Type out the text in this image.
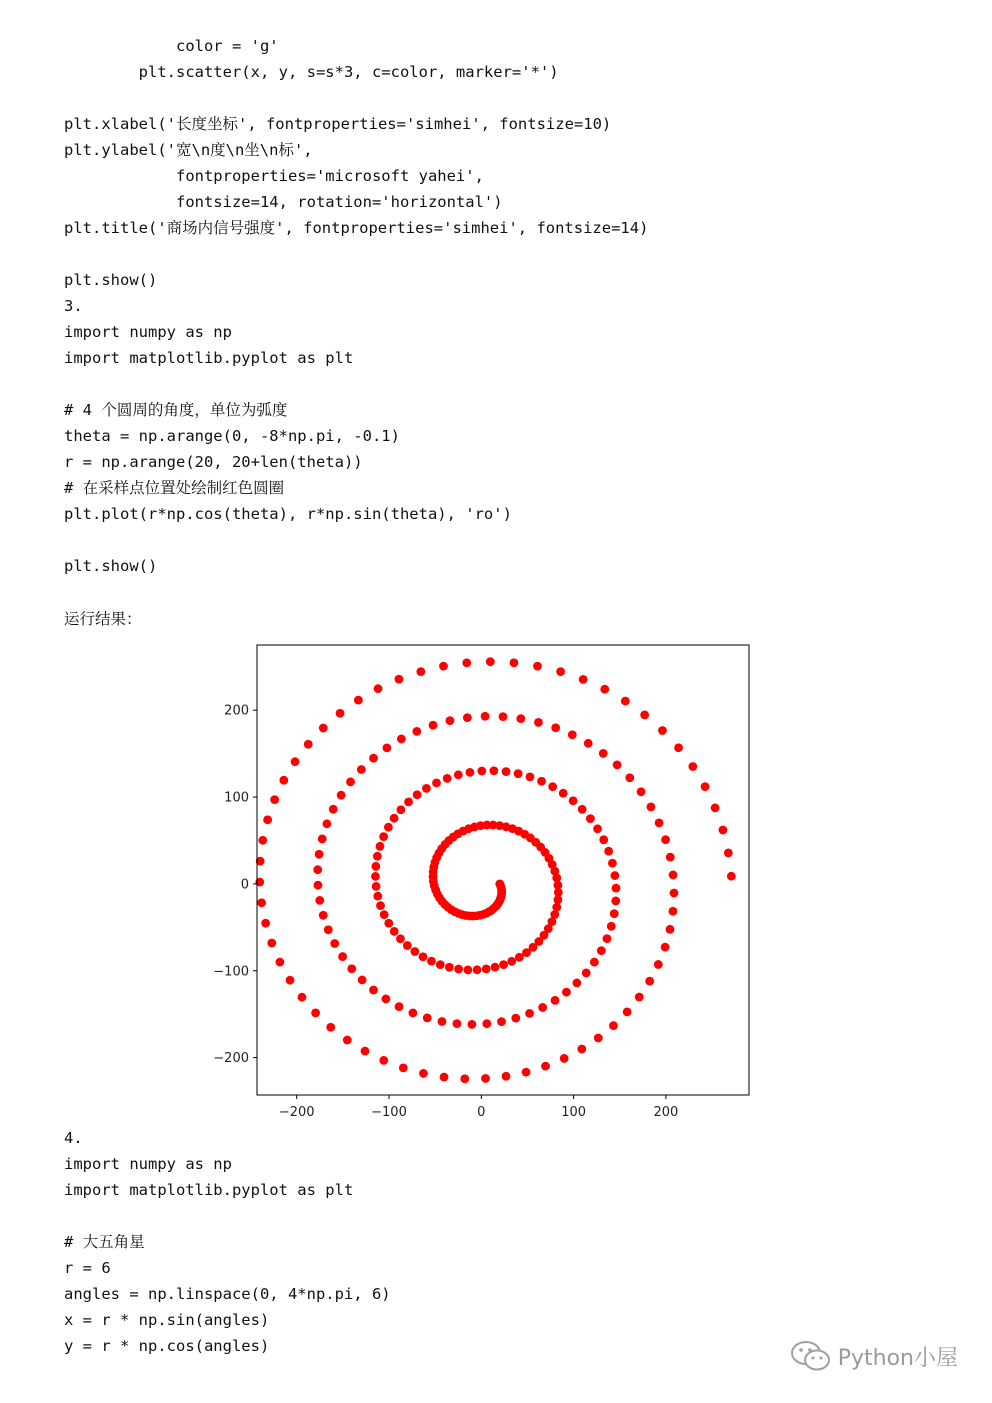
color = 'g'
plt.scatter(x, y, s=s*3, c=color, marker='*')

plt.xlabel('长度坐标', fontproperties='simhei', fontsize=10)
plt.ylabel('宽\n度\n坐\n标',
fontproperties='microsoft yahei',
fontsize=14, rotation='horizontal')
plt.title('商场内信号强度', fontproperties='simhei', fontsize=14)

plt.show()
3.
import numpy as np
import matplotlib.pyplot as plt

# 4 个圆周的角度，单位为弧度
theta = np.arange(0, -8*np.pi, -0.1)
r = np.arange(20, 20+len(theta))
# 在采样点位置处绘制红色圆圈
plt.plot(r*np.cos(theta), r*np.sin(theta), 'ro')

plt.show()
运行结果：
−200	−100	0	100	200
200
100
0
−100
−200
4.
import numpy as np
import matplotlib.pyplot as plt

# 大五角星
r = 6
angles = np.linspace(0, 4*np.pi, 6)
x = r * np.sin(angles)
y = r * np.cos(angles)	Python小屋
